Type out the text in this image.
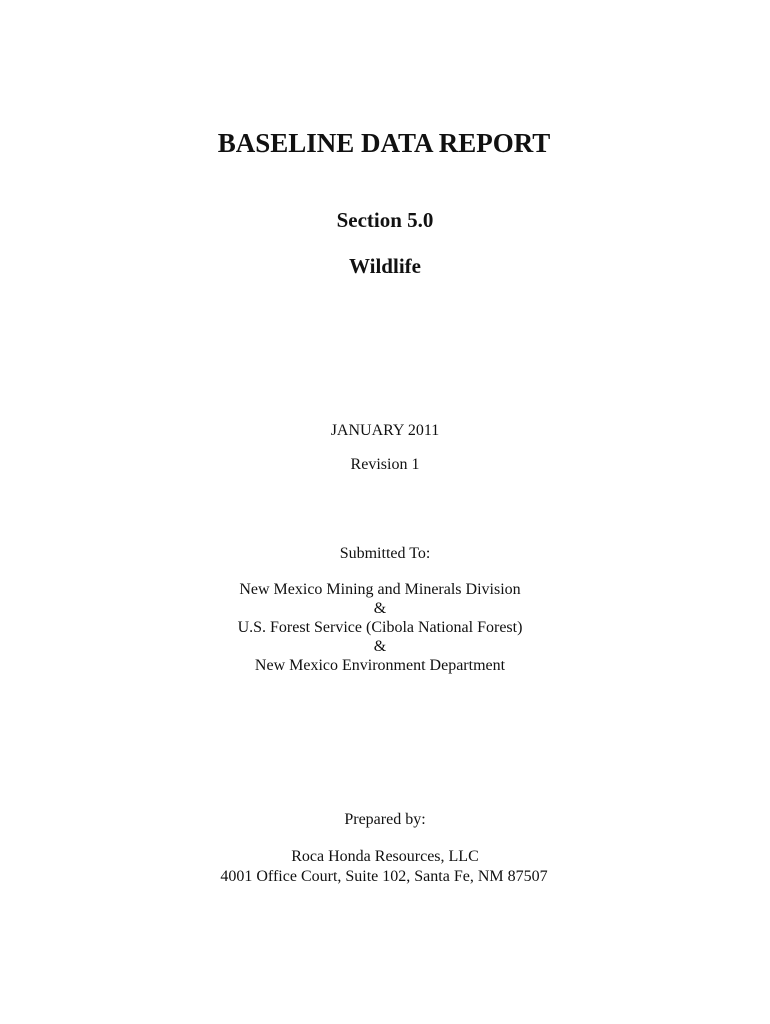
BASELINE DATA REPORT
Section 5.0
Wildlife
JANUARY 2011
Revision 1
Submitted To:
New Mexico Mining and Minerals Division
&
U.S. Forest Service (Cibola National Forest)
&
New Mexico Environment Department
Prepared by:
Roca Honda Resources, LLC
4001 Office Court, Suite 102, Santa Fe, NM 87507
